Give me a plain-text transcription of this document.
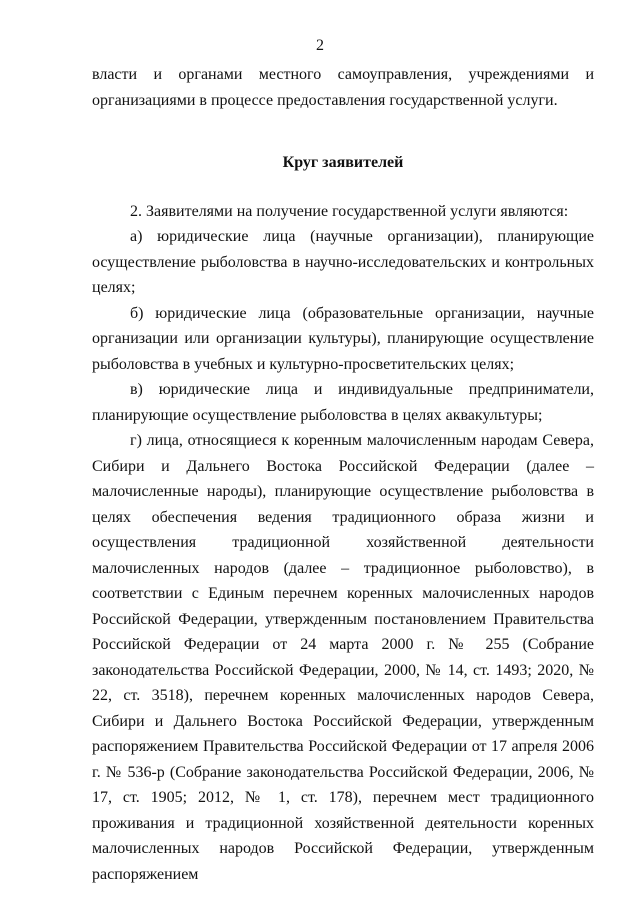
2

власти и органами местного самоуправления, учреждениями и организациями в процессе предоставления государственной услуги.

Круг заявителей

2. Заявителями на получение государственной услуги являются:

а) юридические лица (научные организации), планирующие осуществление рыболовства в научно-исследовательских и контрольных целях;

б) юридические лица (образовательные организации, научные организации или организации культуры), планирующие осуществление рыболовства в учебных и культурно-просветительских целях;

в) юридические лица и индивидуальные предприниматели, планирующие осуществление рыболовства в целях аквакультуры;

г) лица, относящиеся к коренным малочисленным народам Севера, Сибири и Дальнего Востока Российской Федерации (далее – малочисленные народы), планирующие осуществление рыболовства в целях обеспечения ведения традиционного образа жизни и осуществления традиционной хозяйственной деятельности малочисленных народов (далее – традиционное рыболовство), в соответствии с Единым перечнем коренных малочисленных народов Российской Федерации, утвержденным постановлением Правительства Российской Федерации от 24 марта 2000 г. № 255 (Собрание законодательства Российской Федерации, 2000, № 14, ст. 1493; 2020, № 22, ст. 3518), перечнем коренных малочисленных народов Севера, Сибири и Дальнего Востока Российской Федерации, утвержденным распоряжением Правительства Российской Федерации от 17 апреля 2006 г. № 536-р (Собрание законодательства Российской Федерации, 2006, № 17, ст. 1905; 2012, № 1, ст. 178), перечнем мест традиционного проживания и традиционной хозяйственной деятельности коренных малочисленных народов Российской Федерации, утвержденным распоряжением
